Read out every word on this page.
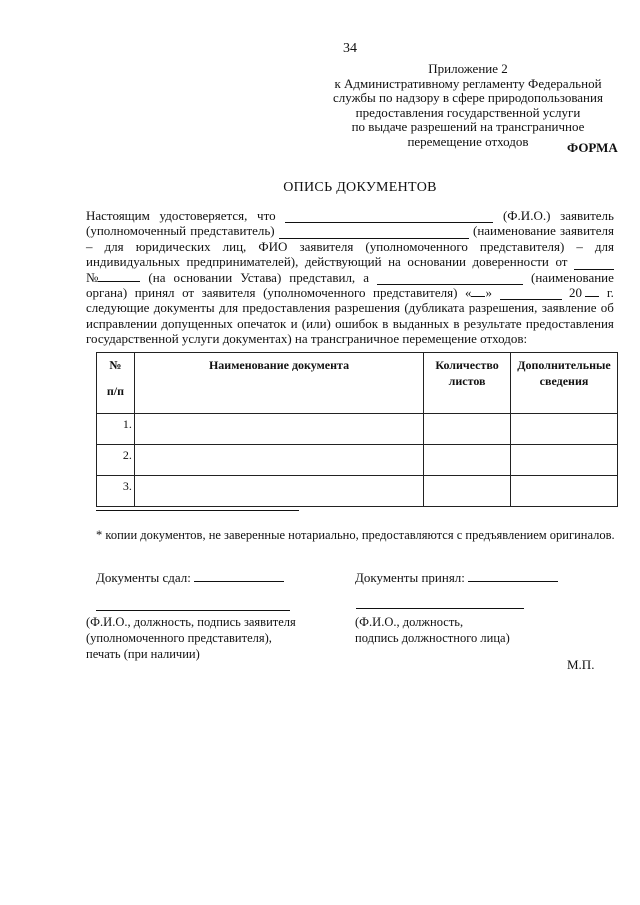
34
Приложение 2
к Административному регламенту Федеральной
службы по надзору в сфере природопользования
предоставления государственной услуги
по выдаче разрешений на трансграничное
перемещение отходов	ФОРМА
ОПИСЬ ДОКУМЕНТОВ
Настоящим удостоверяется, что	(Ф.И.О.) заявитель
(уполномоченный представитель)	(наименование заявителя
– для юридических лиц, ФИО заявителя (уполномоченного представителя) – для
индивидуальных предпринимателей), действующий на основании доверенности от
№	(на основании Устава) представил, а	(наименование
органа) принял от заявителя (уполномоченного представителя) « »	20	г.
следующие документы для предоставления разрешения (дубликата разрешения, заявление об
исправлении допущенных опечаток и (или) ошибок в выданных в результате предоставления
государственной услуги документах) на трансграничное перемещение отходов:
№
п/п	Наименование документа	Количество листов	Дополнительные сведения
1.			
2.			
3.			
* копии документов, не заверенные нотариально, предоставляются с предъявлением оригиналов.
Документы сдал:	Документы принял:
(Ф.И.О., должность, подпись заявителя
(уполномоченного представителя),
печать (при наличии)
(Ф.И.О., должность,
подпись должностного лица)
М.П.
